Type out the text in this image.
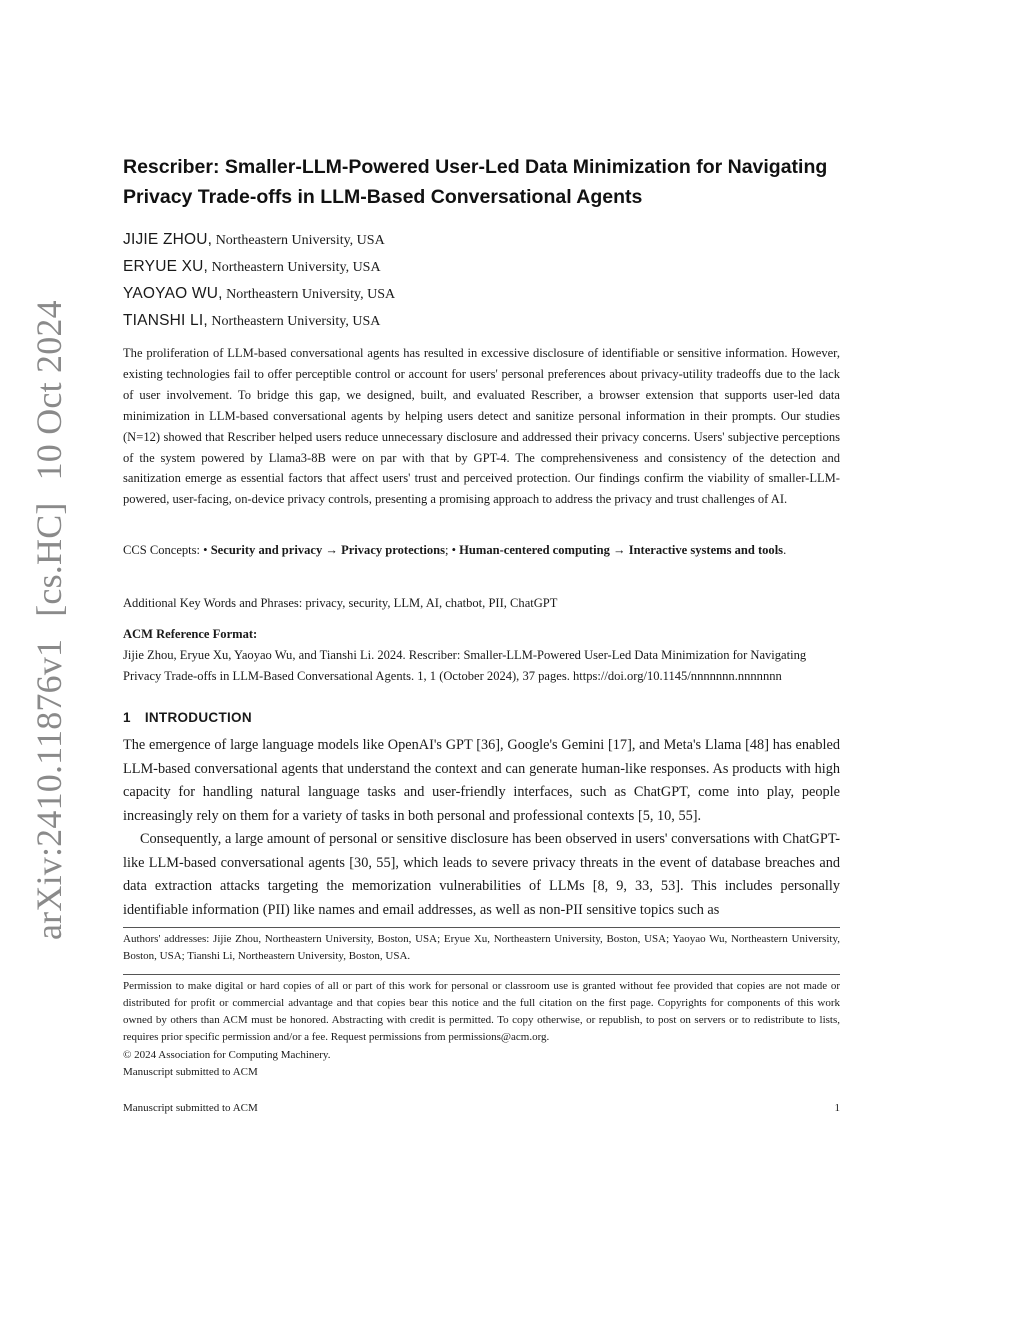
arXiv:2410.11876v1[cs.HC]10 Oct 2024
Rescriber: Smaller-LLM-Powered User-Led Data Minimization for Navigating Privacy Trade-offs in LLM-Based Conversational Agents
JIJIE ZHOU, Northeastern University, USA
ERYUE XU, Northeastern University, USA
YAOYAO WU, Northeastern University, USA
TIANSHI LI, Northeastern University, USA

The proliferation of LLM-based conversational agents has resulted in excessive disclosure of identifiable or sensitive information. However, existing technologies fail to offer perceptible control or account for users' personal preferences about privacy-utility tradeoffs due to the lack of user involvement. To bridge this gap, we designed, built, and evaluated Rescriber, a browser extension that supports user-led data minimization in LLM-based conversational agents by helping users detect and sanitize personal information in their prompts. Our studies (N=12) showed that Rescriber helped users reduce unnecessary disclosure and addressed their privacy concerns. Users' subjective perceptions of the system powered by Llama3-8B were on par with that by GPT-4. The comprehensiveness and consistency of the detection and sanitization emerge as essential factors that affect users' trust and perceived protection. Our findings confirm the viability of smaller-LLM-powered, user-facing, on-device privacy controls, presenting a promising approach to address the privacy and trust challenges of AI.

CCS Concepts: • Security and privacy → Privacy protections; • Human-centered computing → Interactive systems and tools.

Additional Key Words and Phrases: privacy, security, LLM, AI, chatbot, PII, ChatGPT

ACM Reference Format:

Jijie Zhou, Eryue Xu, Yaoyao Wu, and Tianshi Li. 2024. Rescriber: Smaller-LLM-Powered User-Led Data Minimization for Navigating Privacy Trade-offs in LLM-Based Conversational Agents. 1, 1 (October 2024), 37 pages. https://doi.org/10.1145/nnnnnnn.nnnnnnn

1 INTRODUCTION

The emergence of large language models like OpenAI's GPT [36], Google's Gemini [17], and Meta's Llama [48] has enabled LLM-based conversational agents that understand the context and can generate human-like responses. As products with high capacity for handling natural language tasks and user-friendly interfaces, such as ChatGPT, come into play, people increasingly rely on them for a variety of tasks in both personal and professional contexts [5, 10, 55].

Consequently, a large amount of personal or sensitive disclosure has been observed in users' conversations with ChatGPT-like LLM-based conversational agents [30, 55], which leads to severe privacy threats in the event of database breaches and data extraction attacks targeting the memorization vulnerabilities of LLMs [8, 9, 33, 53]. This includes personally identifiable information (PII) like names and email addresses, as well as non-PII sensitive topics such as

Authors' addresses: Jijie Zhou, Northeastern University, Boston, USA; Eryue Xu, Northeastern University, Boston, USA; Yaoyao Wu, Northeastern University, Boston, USA; Tianshi Li, Northeastern University, Boston, USA.

Permission to make digital or hard copies of all or part of this work for personal or classroom use is granted without fee provided that copies are not made or distributed for profit or commercial advantage and that copies bear this notice and the full citation on the first page. Copyrights for components of this work owned by others than ACM must be honored. Abstracting with credit is permitted. To copy otherwise, or republish, to post on servers or to redistribute to lists, requires prior specific permission and/or a fee. Request permissions from permissions@acm.org.

© 2024 Association for Computing Machinery.

Manuscript submitted to ACM

Manuscript submitted to ACM	1
